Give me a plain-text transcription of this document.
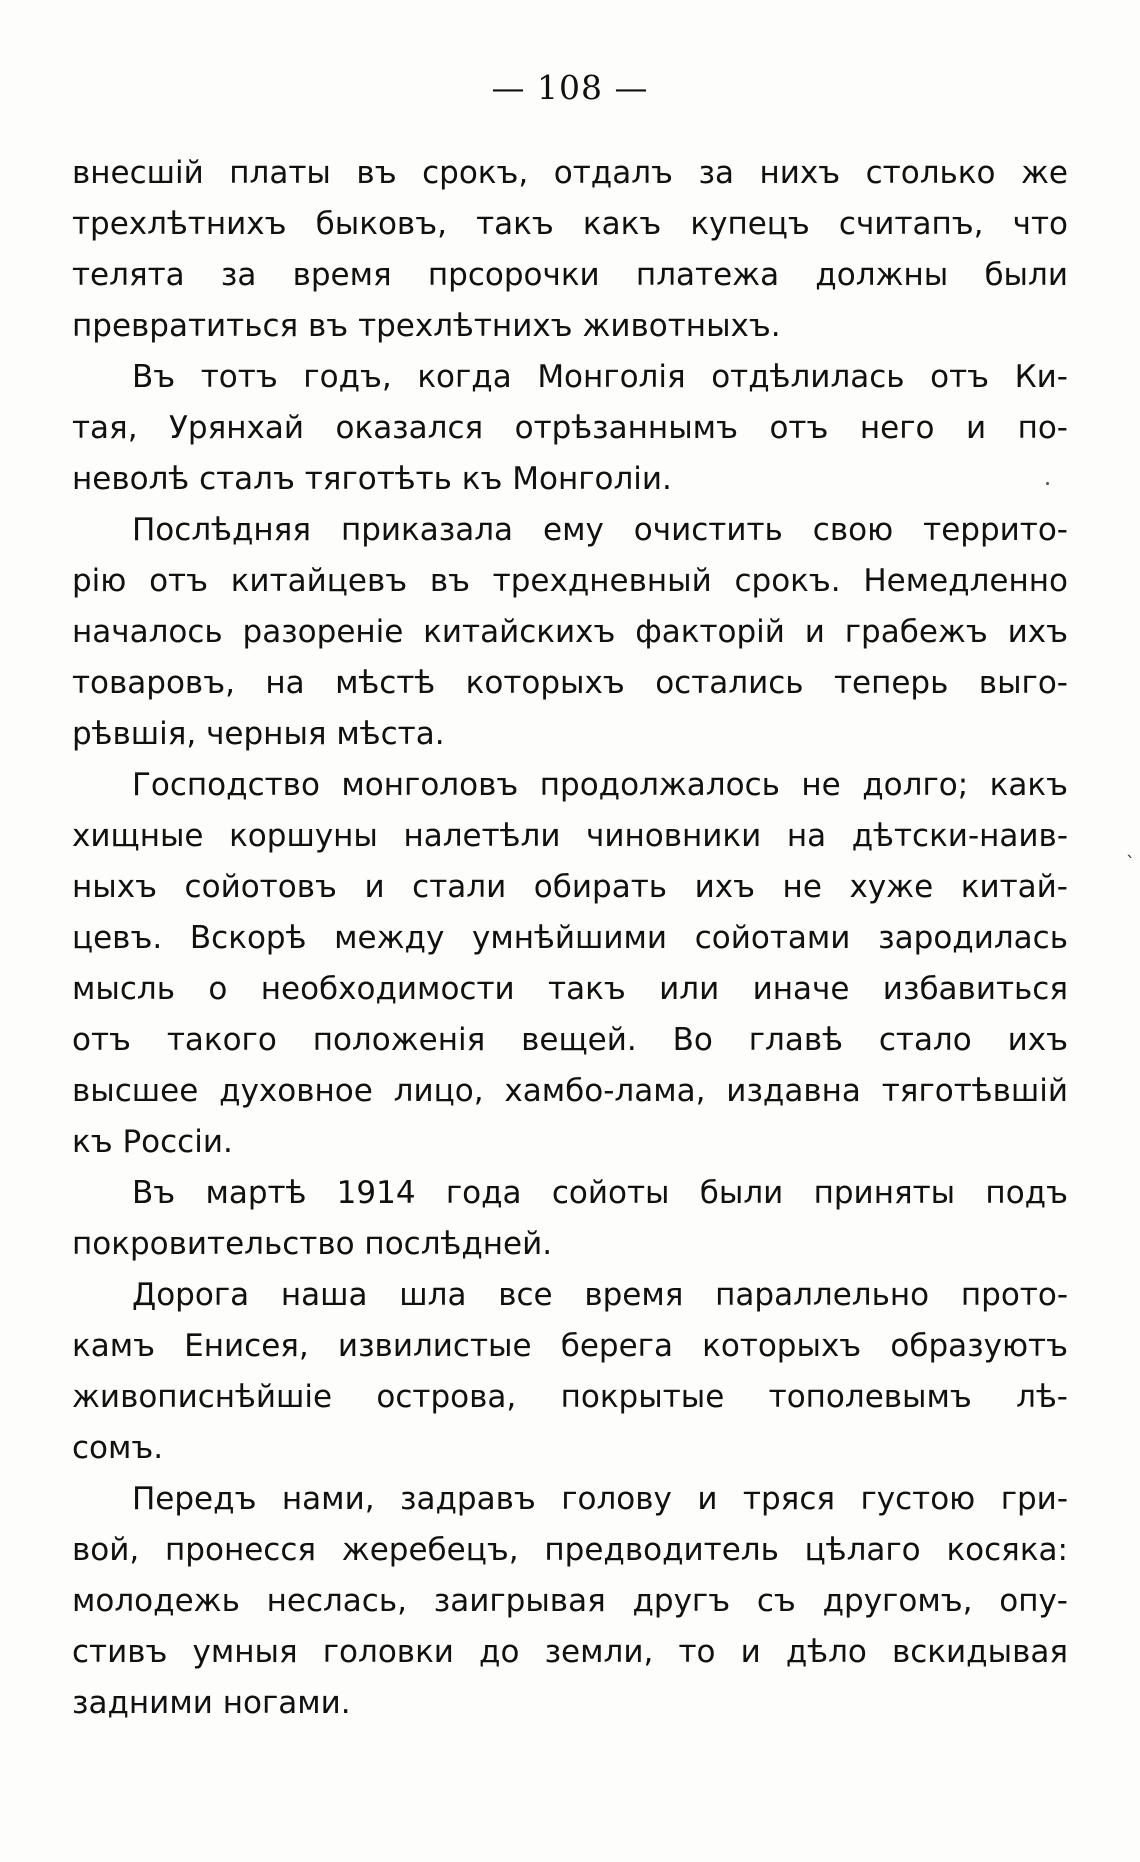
— 108 —
ˎ
внесшій платы въ срокъ, отдалъ за нихъ столько же
трехлѣтнихъ быковъ, такъ какъ купецъ считапъ, что
телята за время прсорочки платежа должны были
превратиться въ трехлѣтнихъ животныхъ.
Въ тотъ годъ, когда Монголія отдѣлилась отъ Ки-
тая, Урянхай оказался отрѣзаннымъ отъ него и по-
неволѣ сталъ тяготѣть къ Монголіи.
Послѣдняя приказала ему очистить свою террито-
рію отъ китайцевъ въ трехдневный срокъ. Немедленно
началось разореніе китайскихъ факторій и грабежъ ихъ
товаровъ, на мѣстѣ которыхъ остались теперь выго-
рѣвшія, черныя мѣста.
Господство монголовъ продолжалось не долго; какъ
хищные коршуны налетѣли чиновники на дѣтски-наив-
ныхъ сойотовъ и стали обирать ихъ не хуже китай-
цевъ. Вскорѣ между умнѣйшими сойотами зародилась
мысль о необходимости такъ или иначе избавиться
отъ такого положенія вещей. Во главѣ стало ихъ
высшее духовное лицо, хамбо-лама, издавна тяготѣвшій
къ Россіи.
Въ мартѣ 1914 года сойоты были приняты подъ
покровительство послѣдней.
Дорога наша шла все время параллельно прото-
камъ Енисея, извилистые берега которыхъ образуютъ
живописнѣйшіе острова, покрытые тополевымъ лѣ-
сомъ.
Передъ нами, задравъ голову и тряся густою гри-
вой, пронесся жеребецъ, предводитель цѣлаго косяка:
молодежь неслась, заигрывая другъ съ другомъ, опу-
стивъ умныя головки до земли, то и дѣло вскидывая
задними ногами.
